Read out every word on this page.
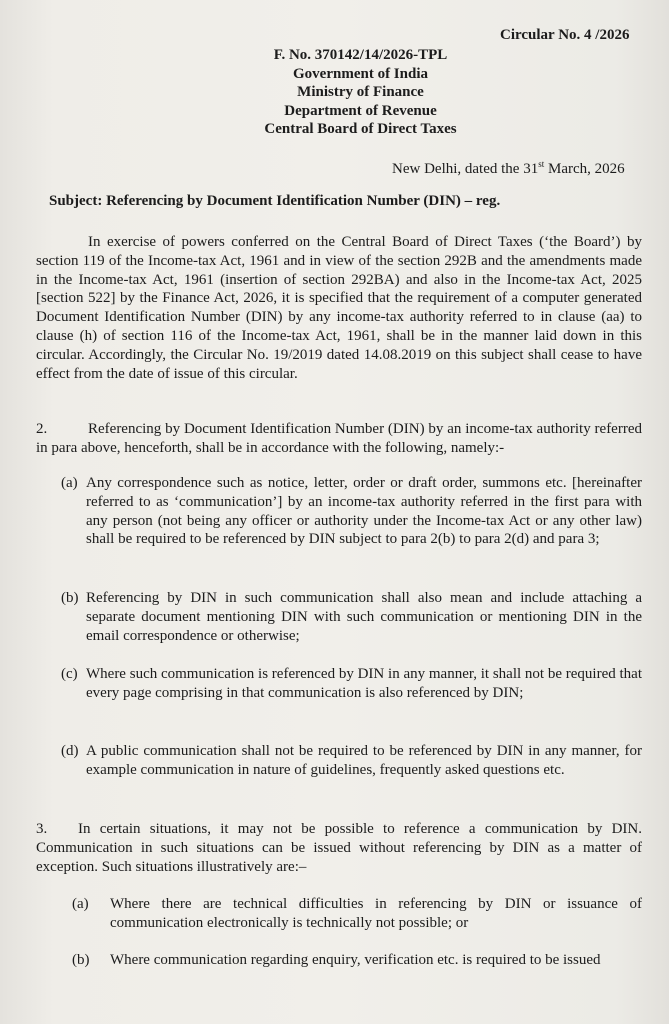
Circular No. 4 /2026
F. No. 370142/14/2026-TPL
Government of India
Ministry of Finance
Department of Revenue
Central Board of Direct Taxes
New Delhi, dated the 31st March, 2026
Subject: Referencing by Document Identification Number (DIN) – reg.
In exercise of powers conferred on the Central Board of Direct Taxes (‘the Board’) by section 119 of the Income-tax Act, 1961 and in view of the section 292B and the amendments made in the Income-tax Act, 1961 (insertion of section 292BA) and also in the Income-tax Act, 2025 [section 522] by the Finance Act, 2026, it is specified that the requirement of a computer generated Document Identification Number (DIN) by any income-tax authority referred to in clause (aa) to clause (h) of section 116 of the Income-tax Act, 1961, shall be in the manner laid down in this circular. Accordingly, the Circular No. 19/2019 dated 14.08.2019 on this subject shall cease to have effect from the date of issue of this circular.
2.	Referencing by Document Identification Number (DIN) by an income-tax authority referred in para above, henceforth, shall be in accordance with the following, namely:-
(a) Any correspondence such as notice, letter, order or draft order, summons etc. [hereinafter referred to as ‘communication’] by an income-tax authority referred in the first para with any person (not being any officer or authority under the Income-tax Act or any other law) shall be required to be referenced by DIN subject to para 2(b) to para 2(d) and para 3;
(b) Referencing by DIN in such communication shall also mean and include attaching a separate document mentioning DIN with such communication or mentioning DIN in the email correspondence or otherwise;
(c) Where such communication is referenced by DIN in any manner, it shall not be required that every page comprising in that communication is also referenced by DIN;
(d) A public communication shall not be required to be referenced by DIN in any manner, for example communication in nature of guidelines, frequently asked questions etc.
3. In certain situations, it may not be possible to reference a communication by DIN. Communication in such situations can be issued without referencing by DIN as a matter of exception. Such situations illustratively are:–
(a) Where there are technical difficulties in referencing by DIN or issuance of communication electronically is technically not possible; or
(b) Where communication regarding enquiry, verification etc. is required to be issued
